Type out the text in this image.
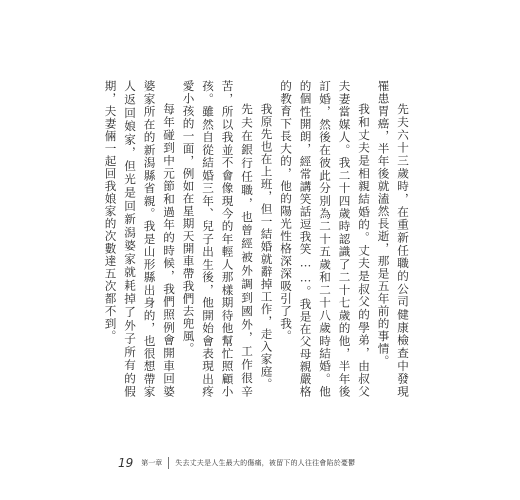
先夫六十三歲時，在重新任職的公司健康檢查中發現罹患胃癌，半年後就溘然長逝，那是五年前的事情。

我和丈夫是相親結婚的。丈夫是叔父的學弟，由叔父夫妻當媒人。我二十四歲時認識了二十七歲的他，半年後訂婚，然後在彼此分別為二十五歲和二十八歲時結婚。他的個性開朗，經常講笑話逗我笑……。我是在父母親嚴格的教育下長大的，他的陽光性格深深吸引了我。

我原先也在上班，但一結婚就辭掉工作，走入家庭。

先夫在銀行任職，也曾經被外調到國外，工作很辛苦，所以我並不會像現今的年輕人那樣期待他幫忙照顧小孩。雖然自從結婚三年、兒子出生後，他開始會表現出疼愛小孩的一面，例如在星期天開車帶我們去兜風。

每年碰到中元節和過年的時候，我們照例會開車回婆婆家所在的新潟縣省親。我是山形縣出身的，也很想帶家人返回娘家，但光是回新潟婆家就耗掉了外子所有的假期，夫妻倆一起回我娘家的次數達五次都不到。

19 第一章 失去丈夫是人生最大的傷痛，被留下的人往往會陷於憂鬱
